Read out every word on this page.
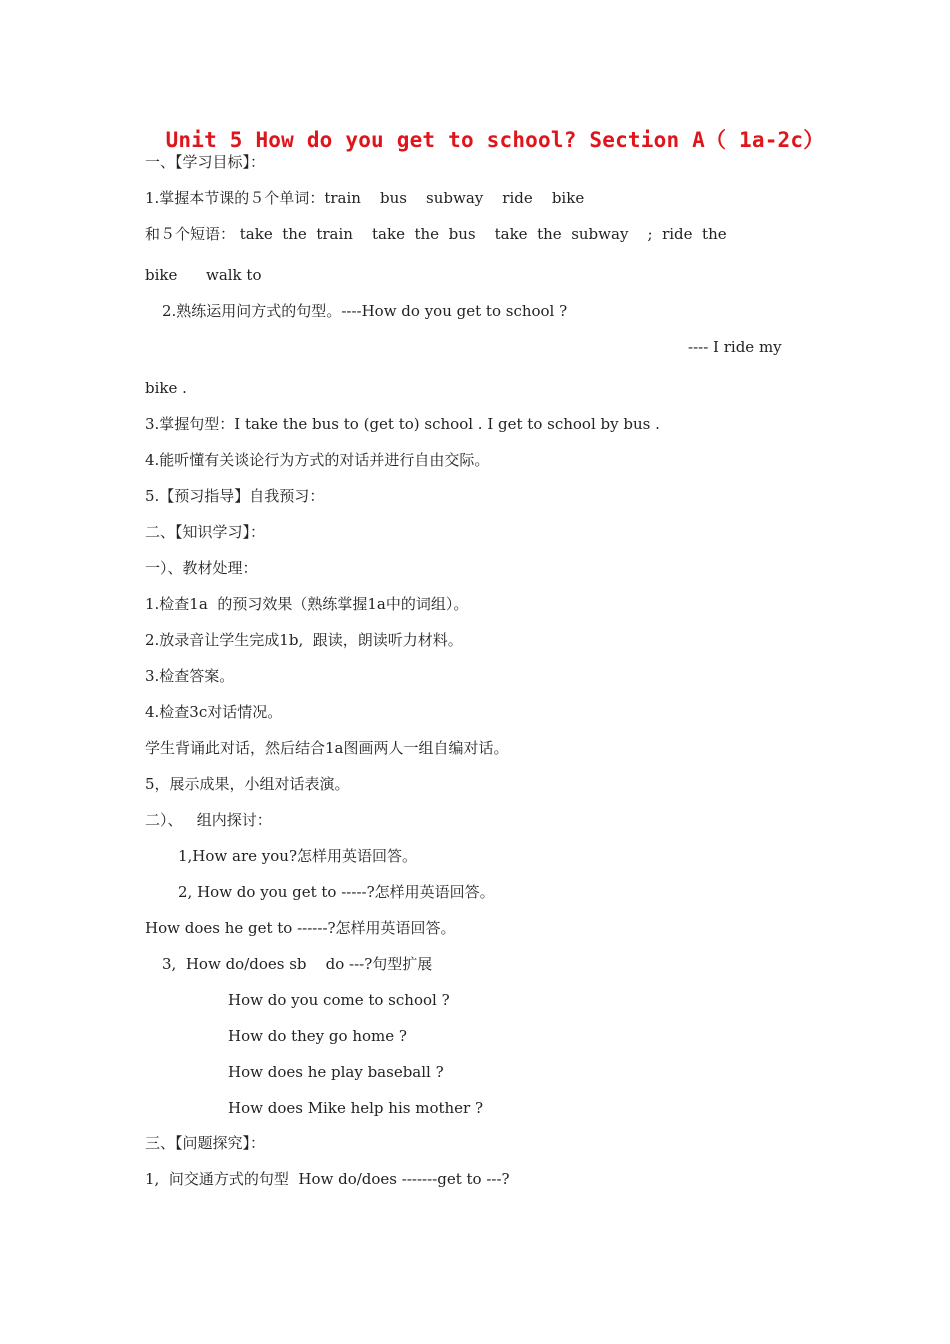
Unit 5 How do you get to school? Section A（ 1a-2c）
一、【学习目标】：
1.掌握本节课的５个单词：train    bus    subway    ride    bike
和５个短语： take  the  train    take  the  bus    take  the  subway    ;  ride  the
bike      walk to
2.熟练运用问方式的句型。----How do you get to school ?
---- I ride my
bike .
3.掌握句型：I take the bus to (get to) school . I get to school by bus .
4.能听懂有关谈论行为方式的对话并进行自由交际。
5.【预习指导】自我预习：
二、【知识学习】：
一）、教材处理：
1.检查1a  的预习效果（熟练掌握1a中的词组）。
2.放录音让学生完成1b,  跟读，朗读听力材料。
3.检查答案。
4.检查3c对话情况。
学生背诵此对话，然后结合1a图画两人一组自编对话。
5，展示成果，小组对话表演。
二）、   组内探讨：
1,How are you?怎样用英语回答。
2, How do you get to -----?怎样用英语回答。
How does he get to ------?怎样用英语回答。
3,  How do/does sb    do ---?句型扩展
How do you come to school ?
How do they go home ?
How does he play baseball ?
How does Mike help his mother ?
三、【问题探究】：
1,  问交通方式的句型  How do/does -------get to ---?
